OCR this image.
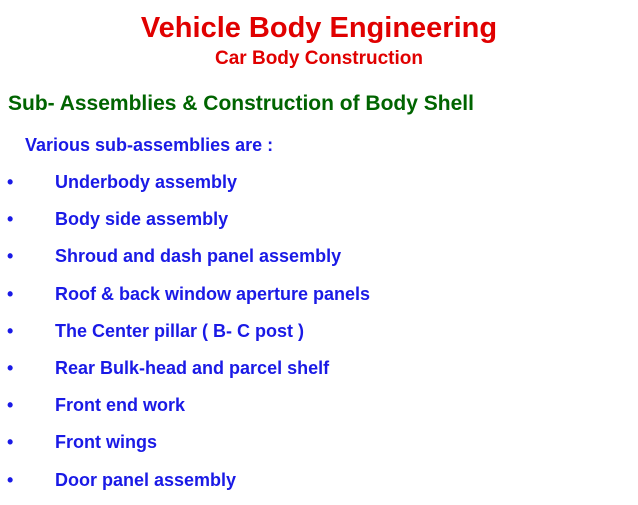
Vehicle Body Engineering
Car Body Construction
Sub- Assemblies & Construction of Body Shell
Various sub-assemblies are :
• Underbody assembly
• Body side assembly
• Shroud and dash panel assembly
• Roof & back window aperture panels
• The Center pillar ( B- C post )
• Rear Bulk-head and parcel shelf
• Front end work
• Front wings
• Door panel assembly
